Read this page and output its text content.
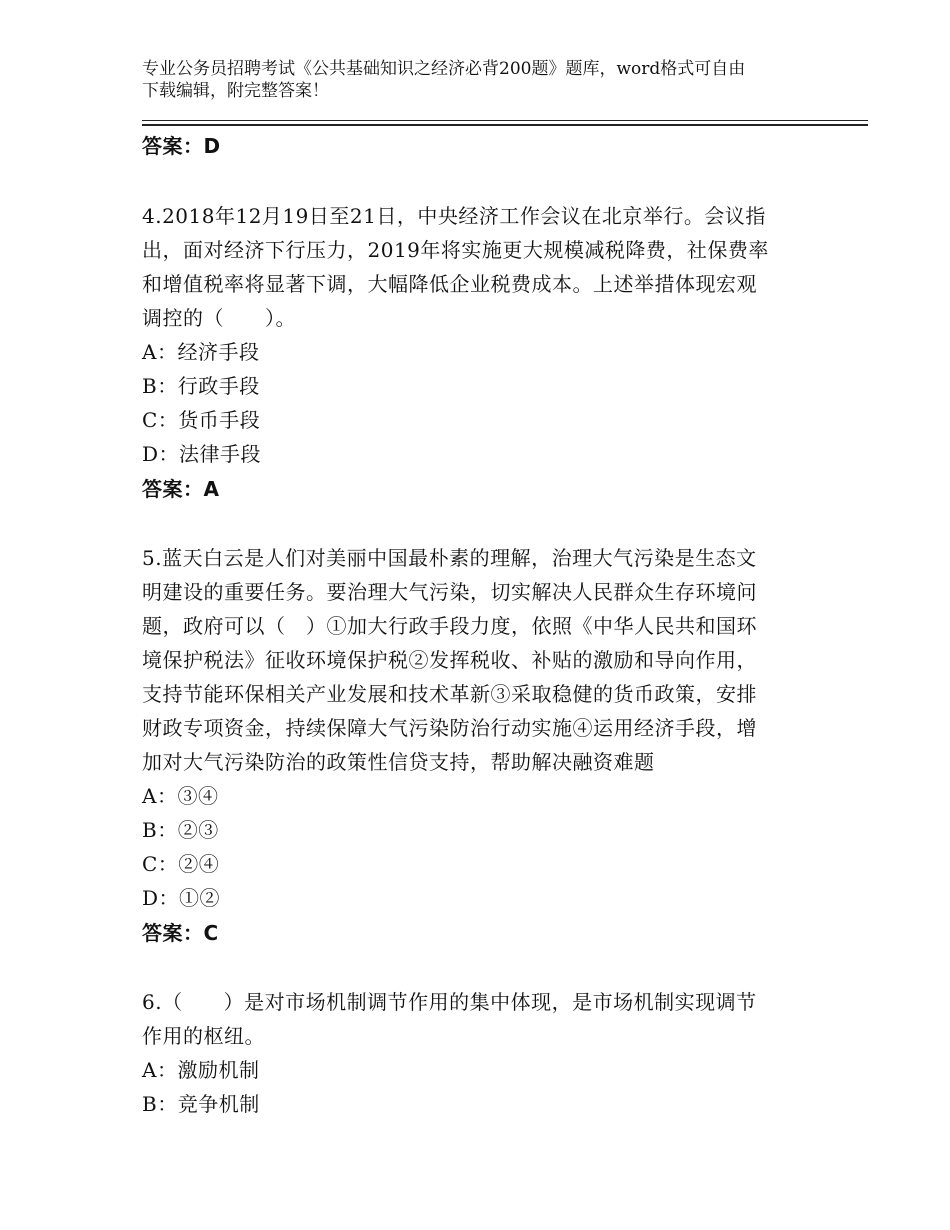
专业公务员招聘考试《公共基础知识之经济必背200题》题库，word格式可自由
下载编辑，附完整答案！
答案：D
4.2018年12月19日至21日，中央经济工作会议在北京举行。会议指
出，面对经济下行压力，2019年将实施更大规模减税降费，社保费率
和增值税率将显著下调，大幅降低企业税费成本。上述举措体现宏观
调控的（　　）。
A：经济手段
B：行政手段
C：货币手段
D：法律手段
答案：A
5.蓝天白云是人们对美丽中国最朴素的理解，治理大气污染是生态文
明建设的重要任务。要治理大气污染，切实解决人民群众生存环境问
题，政府可以（　）①加大行政手段力度，依照《中华人民共和国环
境保护税法》征收环境保护税②发挥税收、补贴的激励和导向作用，
支持节能环保相关产业发展和技术革新③采取稳健的货币政策，安排
财政专项资金，持续保障大气污染防治行动实施④运用经济手段，增
加对大气污染防治的政策性信贷支持，帮助解决融资难题
A：③④
B：②③
C：②④
D：①②
答案：C
6.（　　）是对市场机制调节作用的集中体现，是市场机制实现调节
作用的枢纽。
A：激励机制
B：竞争机制
